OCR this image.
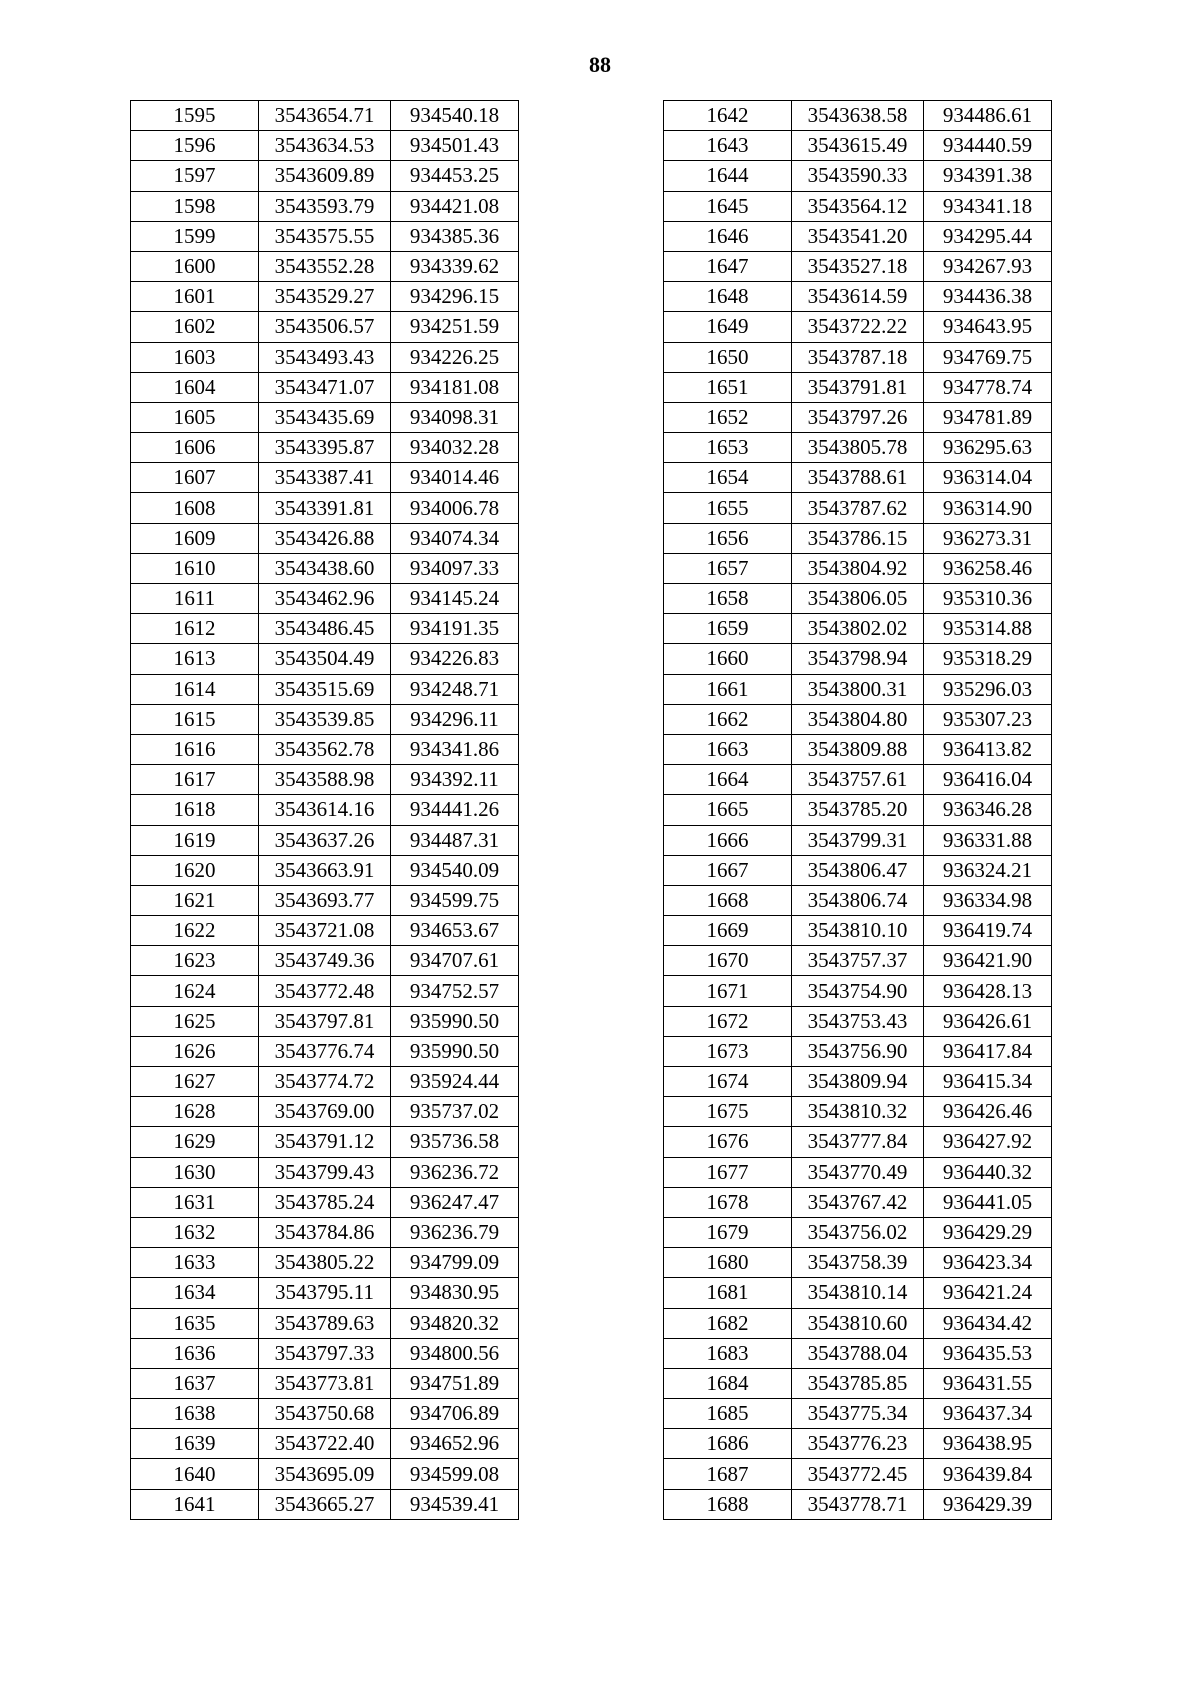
88
1595	3543654.71	934540.18
1596	3543634.53	934501.43
1597	3543609.89	934453.25
1598	3543593.79	934421.08
1599	3543575.55	934385.36
1600	3543552.28	934339.62
1601	3543529.27	934296.15
1602	3543506.57	934251.59
1603	3543493.43	934226.25
1604	3543471.07	934181.08
1605	3543435.69	934098.31
1606	3543395.87	934032.28
1607	3543387.41	934014.46
1608	3543391.81	934006.78
1609	3543426.88	934074.34
1610	3543438.60	934097.33
1611	3543462.96	934145.24
1612	3543486.45	934191.35
1613	3543504.49	934226.83
1614	3543515.69	934248.71
1615	3543539.85	934296.11
1616	3543562.78	934341.86
1617	3543588.98	934392.11
1618	3543614.16	934441.26
1619	3543637.26	934487.31
1620	3543663.91	934540.09
1621	3543693.77	934599.75
1622	3543721.08	934653.67
1623	3543749.36	934707.61
1624	3543772.48	934752.57
1625	3543797.81	935990.50
1626	3543776.74	935990.50
1627	3543774.72	935924.44
1628	3543769.00	935737.02
1629	3543791.12	935736.58
1630	3543799.43	936236.72
1631	3543785.24	936247.47
1632	3543784.86	936236.79
1633	3543805.22	934799.09
1634	3543795.11	934830.95
1635	3543789.63	934820.32
1636	3543797.33	934800.56
1637	3543773.81	934751.89
1638	3543750.68	934706.89
1639	3543722.40	934652.96
1640	3543695.09	934599.08
1641	3543665.27	934539.41
1642	3543638.58	934486.61
1643	3543615.49	934440.59
1644	3543590.33	934391.38
1645	3543564.12	934341.18
1646	3543541.20	934295.44
1647	3543527.18	934267.93
1648	3543614.59	934436.38
1649	3543722.22	934643.95
1650	3543787.18	934769.75
1651	3543791.81	934778.74
1652	3543797.26	934781.89
1653	3543805.78	936295.63
1654	3543788.61	936314.04
1655	3543787.62	936314.90
1656	3543786.15	936273.31
1657	3543804.92	936258.46
1658	3543806.05	935310.36
1659	3543802.02	935314.88
1660	3543798.94	935318.29
1661	3543800.31	935296.03
1662	3543804.80	935307.23
1663	3543809.88	936413.82
1664	3543757.61	936416.04
1665	3543785.20	936346.28
1666	3543799.31	936331.88
1667	3543806.47	936324.21
1668	3543806.74	936334.98
1669	3543810.10	936419.74
1670	3543757.37	936421.90
1671	3543754.90	936428.13
1672	3543753.43	936426.61
1673	3543756.90	936417.84
1674	3543809.94	936415.34
1675	3543810.32	936426.46
1676	3543777.84	936427.92
1677	3543770.49	936440.32
1678	3543767.42	936441.05
1679	3543756.02	936429.29
1680	3543758.39	936423.34
1681	3543810.14	936421.24
1682	3543810.60	936434.42
1683	3543788.04	936435.53
1684	3543785.85	936431.55
1685	3543775.34	936437.34
1686	3543776.23	936438.95
1687	3543772.45	936439.84
1688	3543778.71	936429.39
